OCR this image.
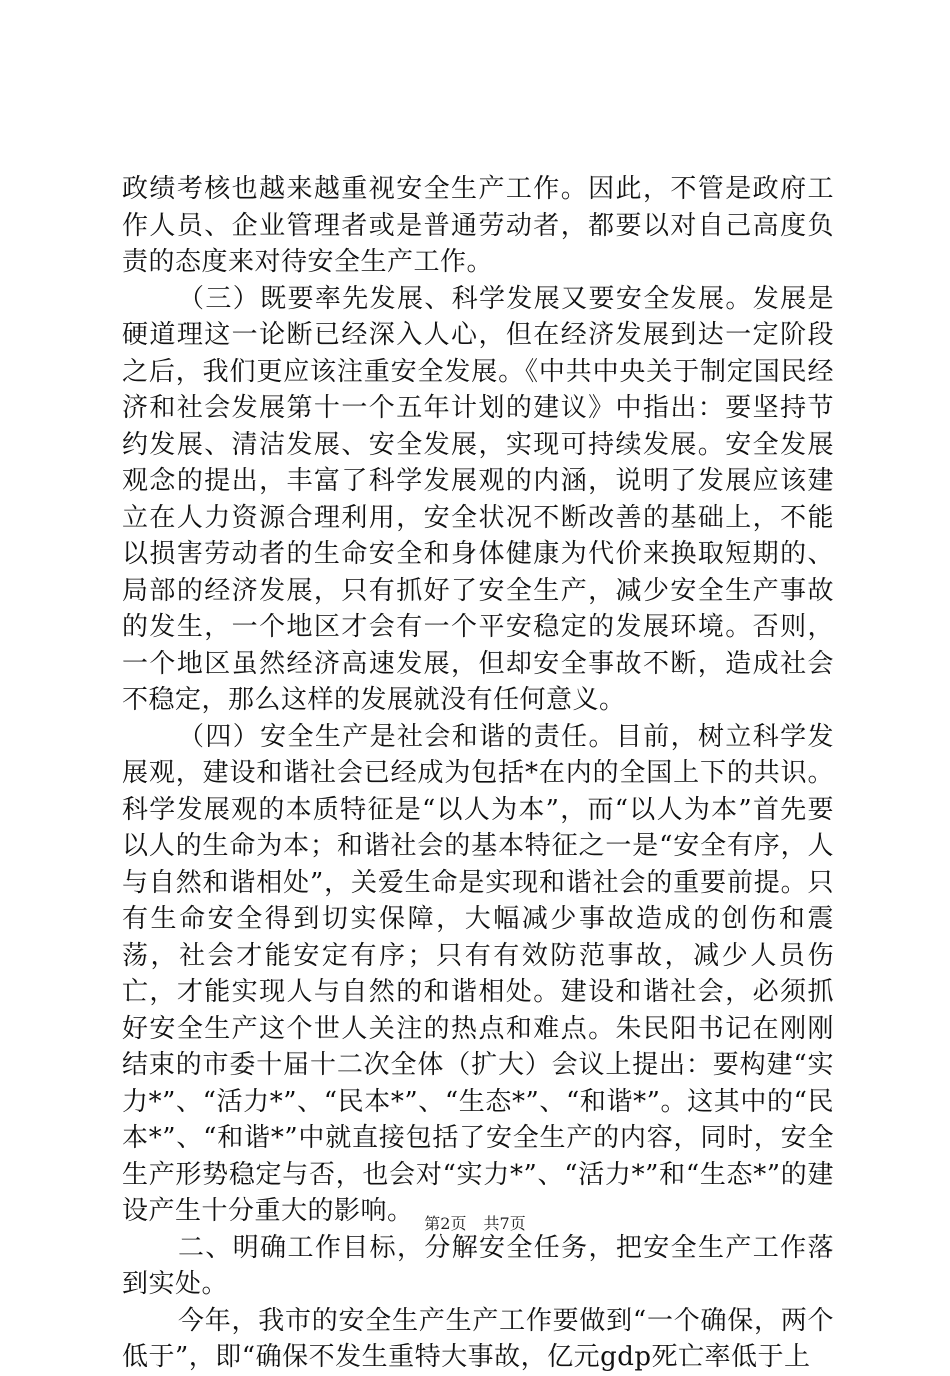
政绩考核也越来越重视安全生产工作。因此，不管是政府工作人员、企业管理者或是普通劳动者，都要以对自己高度负责的态度来对待安全生产工作。

（三）既要率先发展、科学发展又要安全发展。发展是硬道理这一论断已经深入人心，但在经济发展到达一定阶段之后，我们更应该注重安全发展。《中共中央关于制定国民经济和社会发展第十一个五年计划的建议》中指出：要坚持节约发展、清洁发展、安全发展，实现可持续发展。安全发展观念的提出，丰富了科学发展观的内涵，说明了发展应该建立在人力资源合理利用，安全状况不断改善的基础上，不能以损害劳动者的生命安全和身体健康为代价来换取短期的、局部的经济发展，只有抓好了安全生产，减少安全生产事故的发生，一个地区才会有一个平安稳定的发展环境。否则，一个地区虽然经济高速发展，但却安全事故不断，造成社会不稳定，那么这样的发展就没有任何意义。

（四）安全生产是社会和谐的责任。目前，树立科学发展观，建设和谐社会已经成为包括*在内的全国上下的共识。科学发展观的本质特征是“以人为本”，而“以人为本”首先要以人的生命为本；和谐社会的基本特征之一是“安全有序，人与自然和谐相处”，关爱生命是实现和谐社会的重要前提。只有生命安全得到切实保障，大幅减少事故造成的创伤和震荡，社会才能安定有序；只有有效防范事故，减少人员伤亡，才能实现人与自然的和谐相处。建设和谐社会，必须抓好安全生产这个世人关注的热点和难点。朱民阳书记在刚刚结束的市委十届十二次全体（扩大）会议上提出：要构建“实力*”、“活力*”、“民本*”、“生态*”、“和谐*”。这其中的“民本*”、“和谐*”中就直接包括了安全生产的内容，同时，安全生产形势稳定与否，也会对“实力*”、“活力*”和“生态*”的建设产生十分重大的影响。

二、明确工作目标，分解安全任务，把安全生产工作落到实处。

今年，我市的安全生产生产工作要做到“一个确保，两个低于”，即“确保不发生重特大事故，亿元gdp死亡率低于上

第2页 共7页
